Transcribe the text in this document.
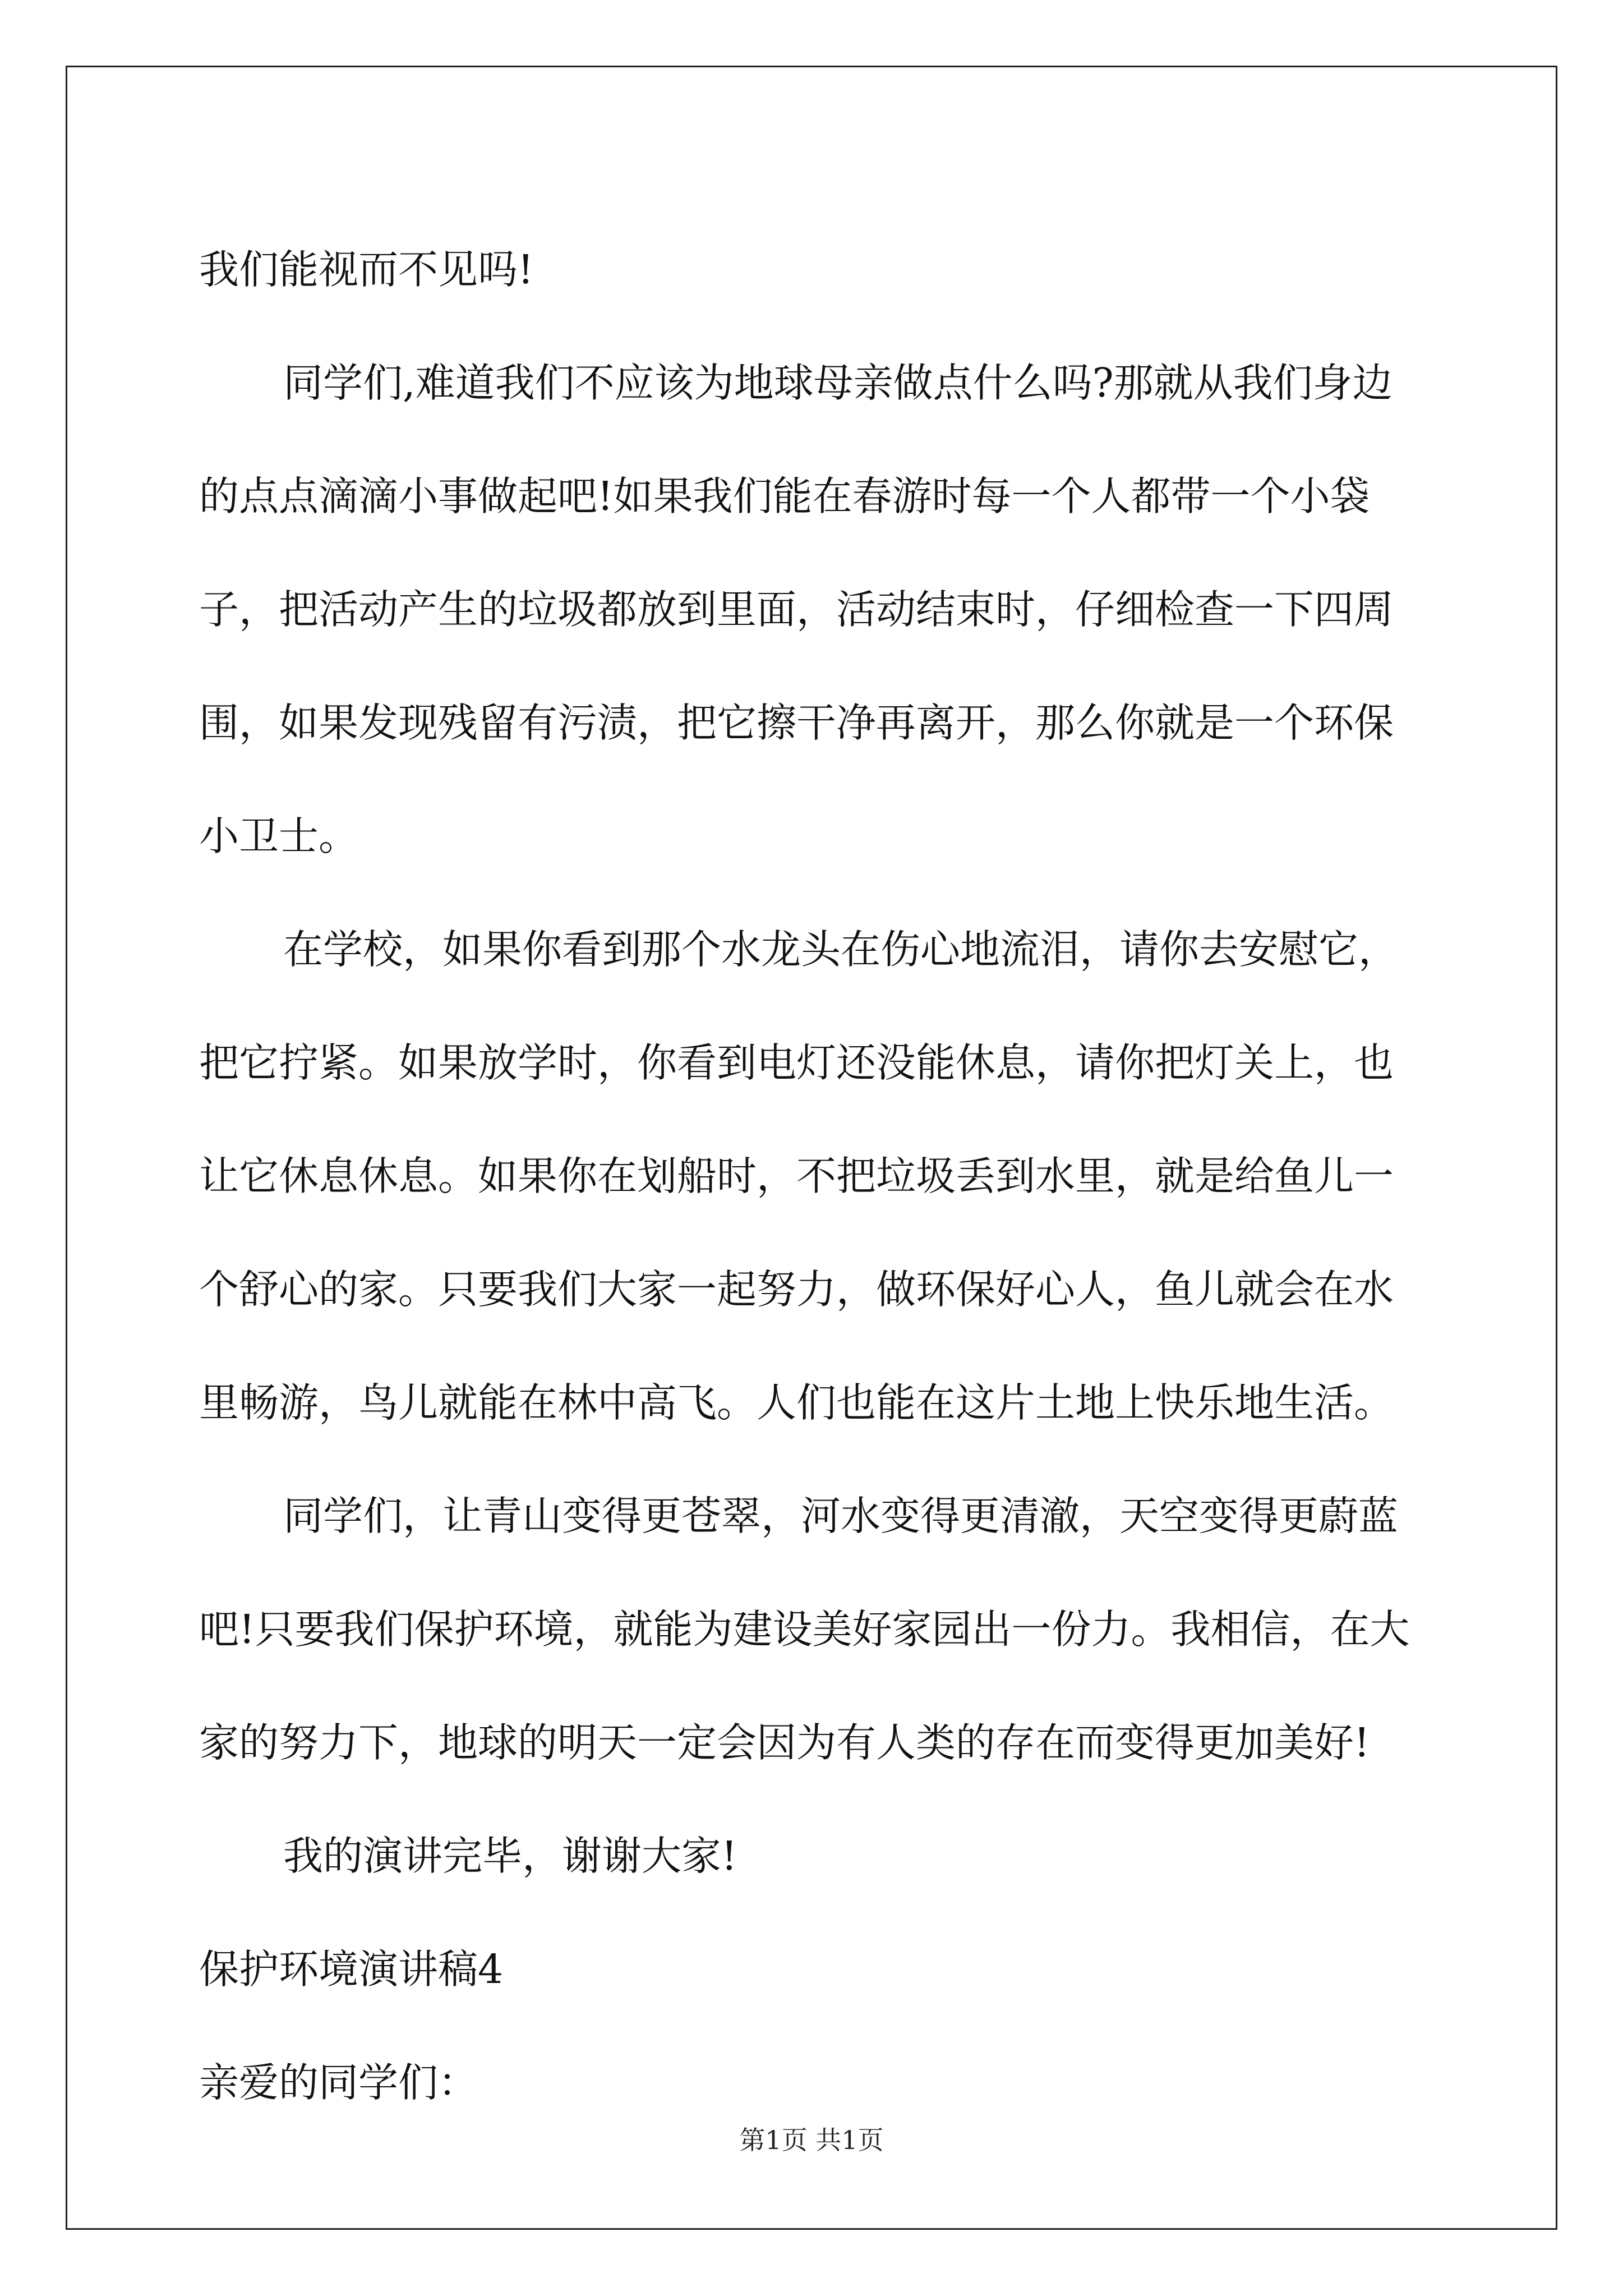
我们能视而不见吗!

同学们,难道我们不应该为地球母亲做点什么吗?那就从我们身边

的点点滴滴小事做起吧!如果我们能在春游时每一个人都带一个小袋

子，把活动产生的垃圾都放到里面，活动结束时，仔细检查一下四周

围，如果发现残留有污渍，把它擦干净再离开，那么你就是一个环保

小卫士。

在学校，如果你看到那个水龙头在伤心地流泪，请你去安慰它，

把它拧紧。如果放学时，你看到电灯还没能休息，请你把灯关上，也

让它休息休息。如果你在划船时，不把垃圾丢到水里，就是给鱼儿一

个舒心的家。只要我们大家一起努力，做环保好心人，鱼儿就会在水

里畅游，鸟儿就能在林中高飞。人们也能在这片土地上快乐地生活。

同学们，让青山变得更苍翠，河水变得更清澈，天空变得更蔚蓝

吧!只要我们保护环境，就能为建设美好家园出一份力。我相信，在大

家的努力下，地球的明天一定会因为有人类的存在而变得更加美好!

我的演讲完毕，谢谢大家!

保护环境演讲稿4

亲爱的同学们：

第1页 共1页
